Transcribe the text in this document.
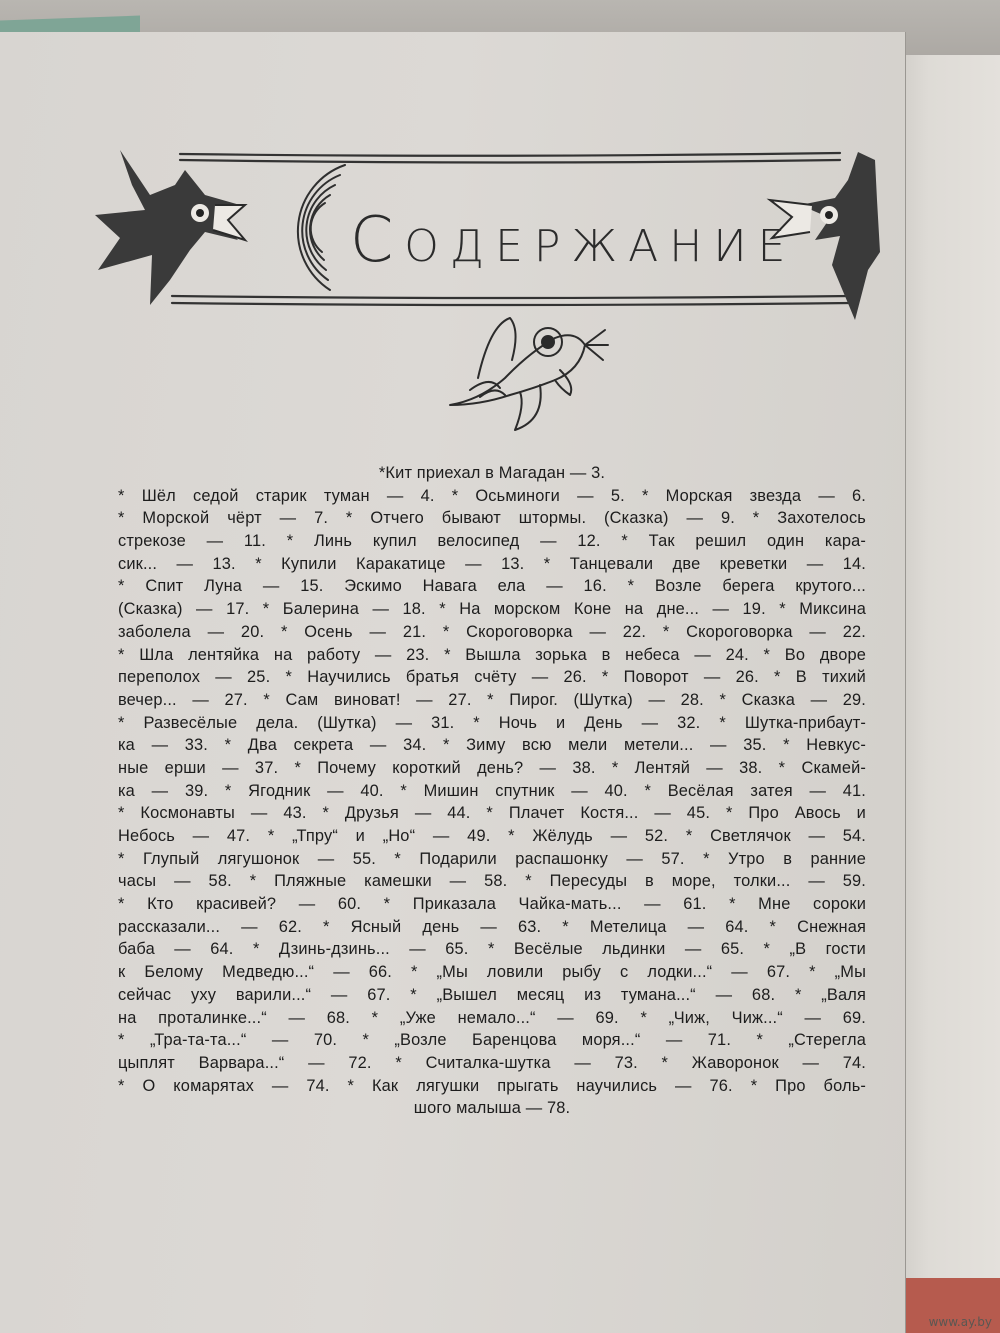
СОДЕРЖАНИЕ
*Кит приехал в Магадан — 3.
* Шёл седой старик туман — 4. * Осьминоги — 5. * Морская звезда — 6.
* Морской чёрт — 7. * Отчего бывают штормы. (Сказка) — 9. * Захотелось
стрекозе — 11. * Линь купил велосипед — 12. * Так решил один кара-
сик... — 13. * Купили Каракатице — 13. * Танцевали две креветки — 14.
* Спит Луна — 15. Эскимо Навага ела — 16. * Возле берега крутого...
(Сказка) — 17. * Балерина — 18. * На морском Коне на дне... — 19. * Миксина
заболела — 20. * Осень — 21. * Скороговорка — 22. * Скороговорка — 22.
* Шла лентяйка на работу — 23. * Вышла зорька в небеса — 24. * Во дворе
переполох — 25. * Научились братья счёту — 26. * Поворот — 26. * В тихий
вечер... — 27. * Сам виноват! — 27. * Пирог. (Шутка) — 28. * Сказка — 29.
* Развесёлые дела. (Шутка) — 31. * Ночь и День — 32. * Шутка-прибаут-
ка — 33. * Два секрета — 34. * Зиму всю мели метели... — 35. * Невкус-
ные ерши — 37. * Почему короткий день? — 38. * Лентяй — 38. * Скамей-
ка — 39. * Ягодник — 40. * Мишин спутник — 40. * Весёлая затея — 41.
* Космонавты — 43. * Друзья — 44. * Плачет Костя... — 45. * Про Авось и
Небось — 47. * „Тпру“ и „Но“ — 49. * Жёлудь — 52. * Светлячок — 54.
* Глупый лягушонок — 55. * Подарили распашонку — 57. * Утро в ранние
часы — 58. * Пляжные камешки — 58. * Пересуды в море, толки... — 59.
* Кто красивей? — 60. * Приказала Чайка-мать... — 61. * Мне сороки
рассказали... — 62. * Ясный день — 63. * Метелица — 64. * Снежная
баба — 64. * Дзинь-дзинь... — 65. * Весёлые льдинки — 65. * „В гости
к Белому Медведю...“ — 66. * „Мы ловили рыбу с лодки...“ — 67. * „Мы
сейчас уху варили...“ — 67. * „Вышел месяц из тумана...“ — 68. * „Валя
на проталинке...“ — 68. * „Уже немало...“ — 69. * „Чиж, Чиж...“ — 69.
* „Тра-та-та...“ — 70. * „Возле Баренцова моря...“ — 71. * „Стерегла
цыплят Варвара...“ — 72. * Считалка-шутка — 73. * Жаворонок — 74.
* О комарятах — 74. * Как лягушки прыгать научились — 76. * Про боль-
шого малыша — 78.
www.ay.by
